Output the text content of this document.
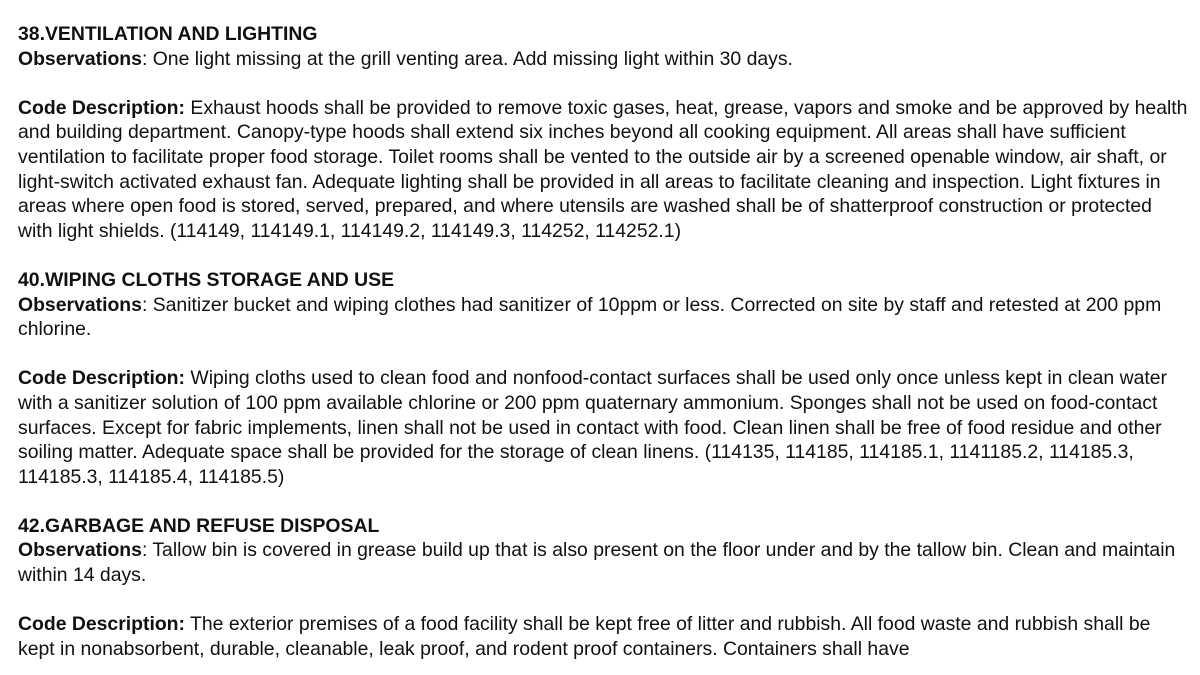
38.VENTILATION AND LIGHTING

Observations: One light missing at the grill venting area. Add missing light within 30 days.

Code Description: Exhaust hoods shall be provided to remove toxic gases, heat, grease, vapors and smoke and be approved by health and building department. Canopy-type hoods shall extend six inches beyond all cooking equipment. All areas shall have sufficient ventilation to facilitate proper food storage. Toilet rooms shall be vented to the outside air by a screened openable window, air shaft, or light-switch activated exhaust fan. Adequate lighting shall be provided in all areas to facilitate cleaning and inspection. Light fixtures in areas where open food is stored, served, prepared, and where utensils are washed shall be of shatterproof construction or protected with light shields. (114149, 114149.1, 114149.2, 114149.3, 114252, 114252.1)

40.WIPING CLOTHS STORAGE AND USE

Observations: Sanitizer bucket and wiping clothes had sanitizer of 10ppm or less. Corrected on site by staff and retested at 200 ppm chlorine.

Code Description: Wiping cloths used to clean food and nonfood-contact surfaces shall be used only once unless kept in clean water with a sanitizer solution of 100 ppm available chlorine or 200 ppm quaternary ammonium. Sponges shall not be used on food-contact surfaces. Except for fabric implements, linen shall not be used in contact with food. Clean linen shall be free of food residue and other soiling matter. Adequate space shall be provided for the storage of clean linens. (114135, 114185, 114185.1, 1141185.2, 114185.3, 114185.3, 114185.4, 114185.5)

42.GARBAGE AND REFUSE DISPOSAL

Observations: Tallow bin is covered in grease build up that is also present on the floor under and by the tallow bin. Clean and maintain within 14 days.

Code Description: The exterior premises of a food facility shall be kept free of litter and rubbish. All food waste and rubbish shall be kept in nonabsorbent, durable, cleanable, leak proof, and rodent proof containers. Containers shall have
